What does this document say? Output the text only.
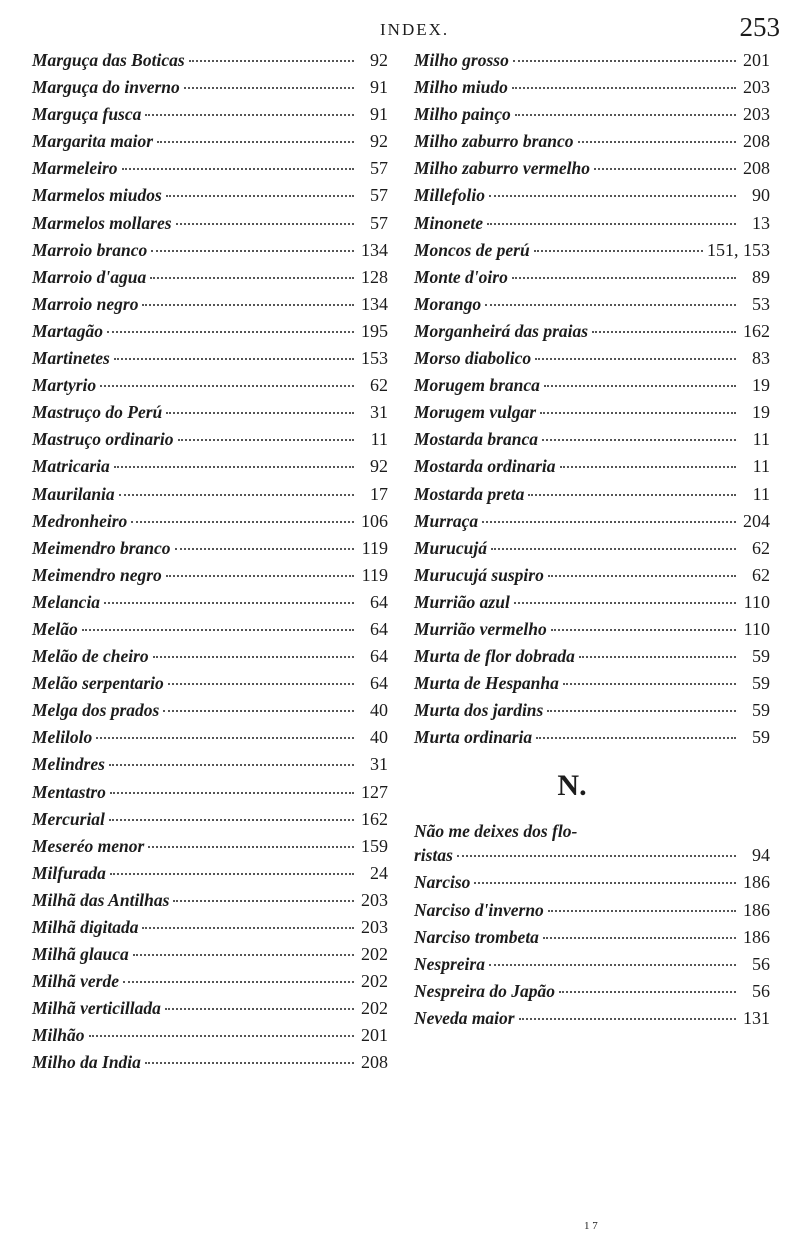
INDEX.	253
Marguça das Boticas	92
Marguça do inverno	91
Marguça fusca	91
Margarita maior	92
Marmeleiro	57
Marmelos miudos	57
Marmelos mollares	57
Marroio branco	134
Marroio d'agua	128
Marroio negro	134
Martagão	195
Martinetes	153
Martyrio	62
Mastruço do Perú	31
Mastruço ordinario	11
Matricaria	92
Maurilania	17
Medronheiro	106
Meimendro branco	119
Meimendro negro	119
Melancia	64
Melão	64
Melão de cheiro	64
Melão serpentario	64
Melga dos prados	40
Melilolo	40
Melindres	31
Mentastro	127
Mercurial	162
Meseréo menor	159
Milfurada	24
Milhã das Antilhas	203
Milhã digitada	203
Milhã glauca	202
Milhã verde	202
Milhã verticillada	202
Milhão	201
Milho da India	208
Milho grosso	201
Milho miudo	203
Milho painço	203
Milho zaburro branco	208
Milho zaburro vermelho	208
Millefolio	90
Minonete	13
Moncos de perú	151, 153
Monte d'oiro	89
Morango	53
Morganheirá das praias	162
Morso diabolico	83
Morugem branca	19
Morugem vulgar	19
Mostarda branca	11
Mostarda ordinaria	11
Mostarda preta	11
Murraça	204
Murucujá	62
Murucujá suspiro	62
Murrião azul	110
Murrião vermelho	110
Murta de flor dobrada	59
Murta de Hespanha	59
Murta dos jardins	59
Murta ordinaria	59
N.
Não me deixes dos flo-
ristas	94
Narciso	186
Narciso d'inverno	186
Narciso trombeta	186
Nespreira	56
Nespreira do Japão	56
Neveda maior	131
1 7
